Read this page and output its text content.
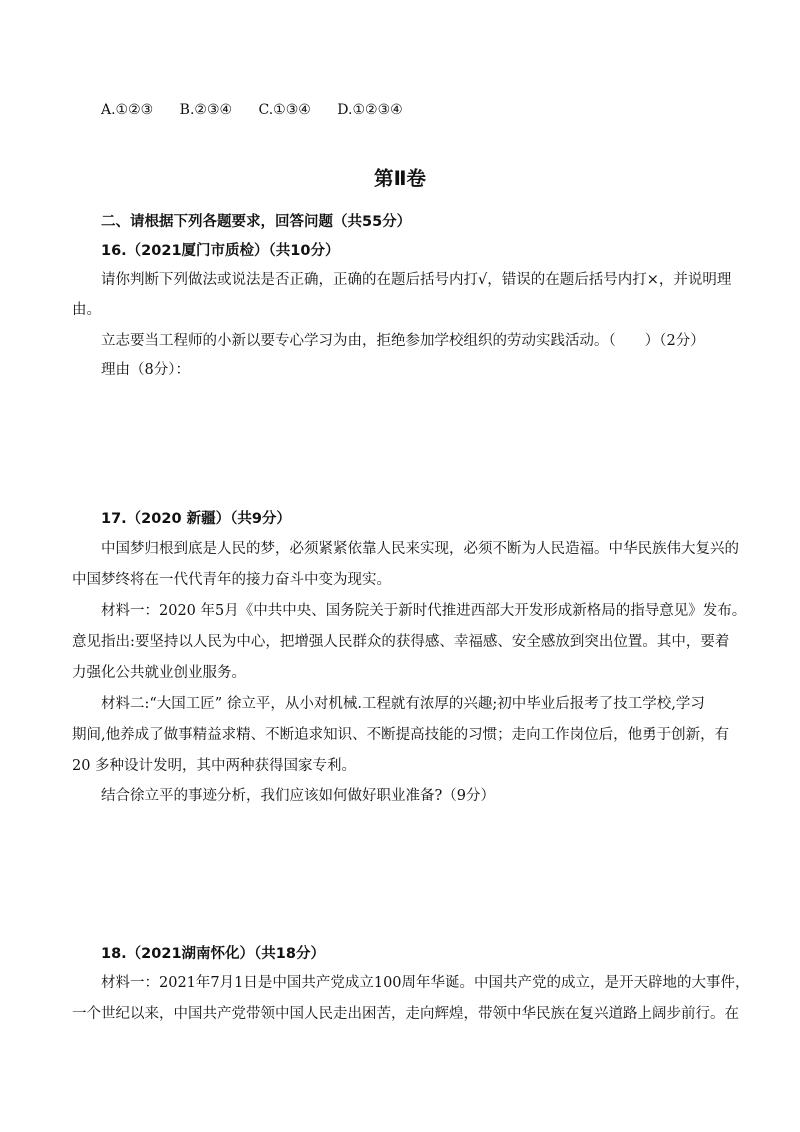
A.①②③ B.②③④ C.①③④ D.①②③④
第Ⅱ卷
二、请根据下列各题要求，回答问题（共55分）
16.（2021厦门市质检）（共10分）
请你判断下列做法或说法是否正确，正确的在题后括号内打√，错误的在题后括号内打×，并说明理
由。
立志要当工程师的小新以要专心学习为由，拒绝参加学校组织的劳动实践活动。（　　）（2分）
理由（8分）：
17.（2020 新疆）（共9分）
中国梦归根到底是人民的梦，必须紧紧依靠人民来实现，必须不断为人民造福。中华民族伟大复兴的
中国梦终将在一代代青年的接力奋斗中变为现实。
材料一：2020 年5月《中共中央、国务院关于新时代推进西部大开发形成新格局的指导意见》发布。
意见指出:要坚持以人民为中心，把增强人民群众的获得感、幸福感、安全感放到突出位置。其中，要着
力强化公共就业创业服务。
材料二:“大国工匠” 徐立平，从小对机械.工程就有浓厚的兴趣;初中毕业后报考了技工学校,学习
期间,他养成了做事精益求精、不断追求知识、不断提高技能的习惯；走向工作岗位后，他勇于创新，有
20 多种设计发明，其中两种获得国家专利。
结合徐立平的事迹分析，我们应该如何做好职业准备?（9分）
18.（2021湖南怀化）（共18分）
材料一：2021年7月1日是中国共产党成立100周年华诞。中国共产党的成立，是开天辟地的大事件，
一个世纪以来，中国共产党带领中国人民走出困苦，走向辉煌，带领中华民族在复兴道路上阔步前行。在
